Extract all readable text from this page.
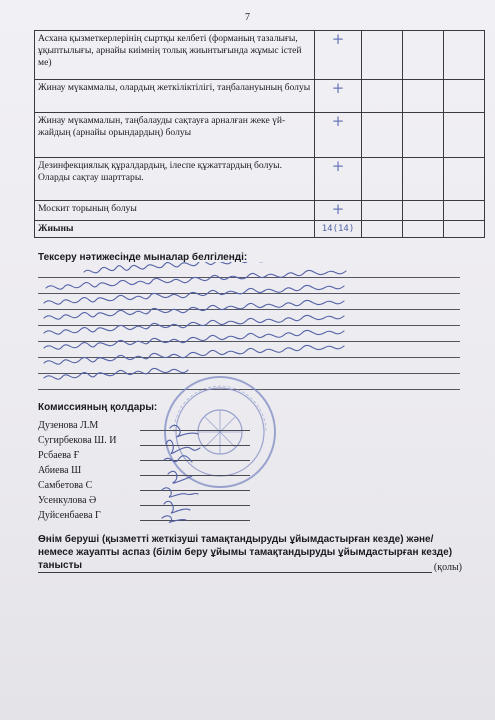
7
Асхана қызметкерлерінің сыртқы келбеті (форманың тазалығы, ұқыптылығы, арнайы киімнің толық жиынтығында жұмыс істей ме)	+			
Жинау мүкаммалы, олардың жеткіліктілігі, таңбалануының болуы	+			
Жинау мүкаммалын, таңбалауды сақтауға арналған жеке үй-жайдың (арнайы орындардың) болуы	+			
Дезинфекциялық құралдардың, ілеспе құжаттардың болуы. Оларды сақтау шарттары.	+			
Москит торының болуы	+			
Жиыны	14(14)			
Тексеру нәтижесінде мыналар белгіленді:
Комиссияның қолдары:
Дузенова Л.М
Сугирбекова Ш. И
Рсбаева Ғ
Абиева Ш
Самбетова С
Усенкулова Ә
Дуйсенбаева Г
Өнім беруші (қызметті жеткізуші тамақтандыруды ұйымдастырған кезде) және/немесе жауапты аспаз (білім беру ұйымы тамақтандыруды ұйымдастырған кезде) танысты	(қолы)
